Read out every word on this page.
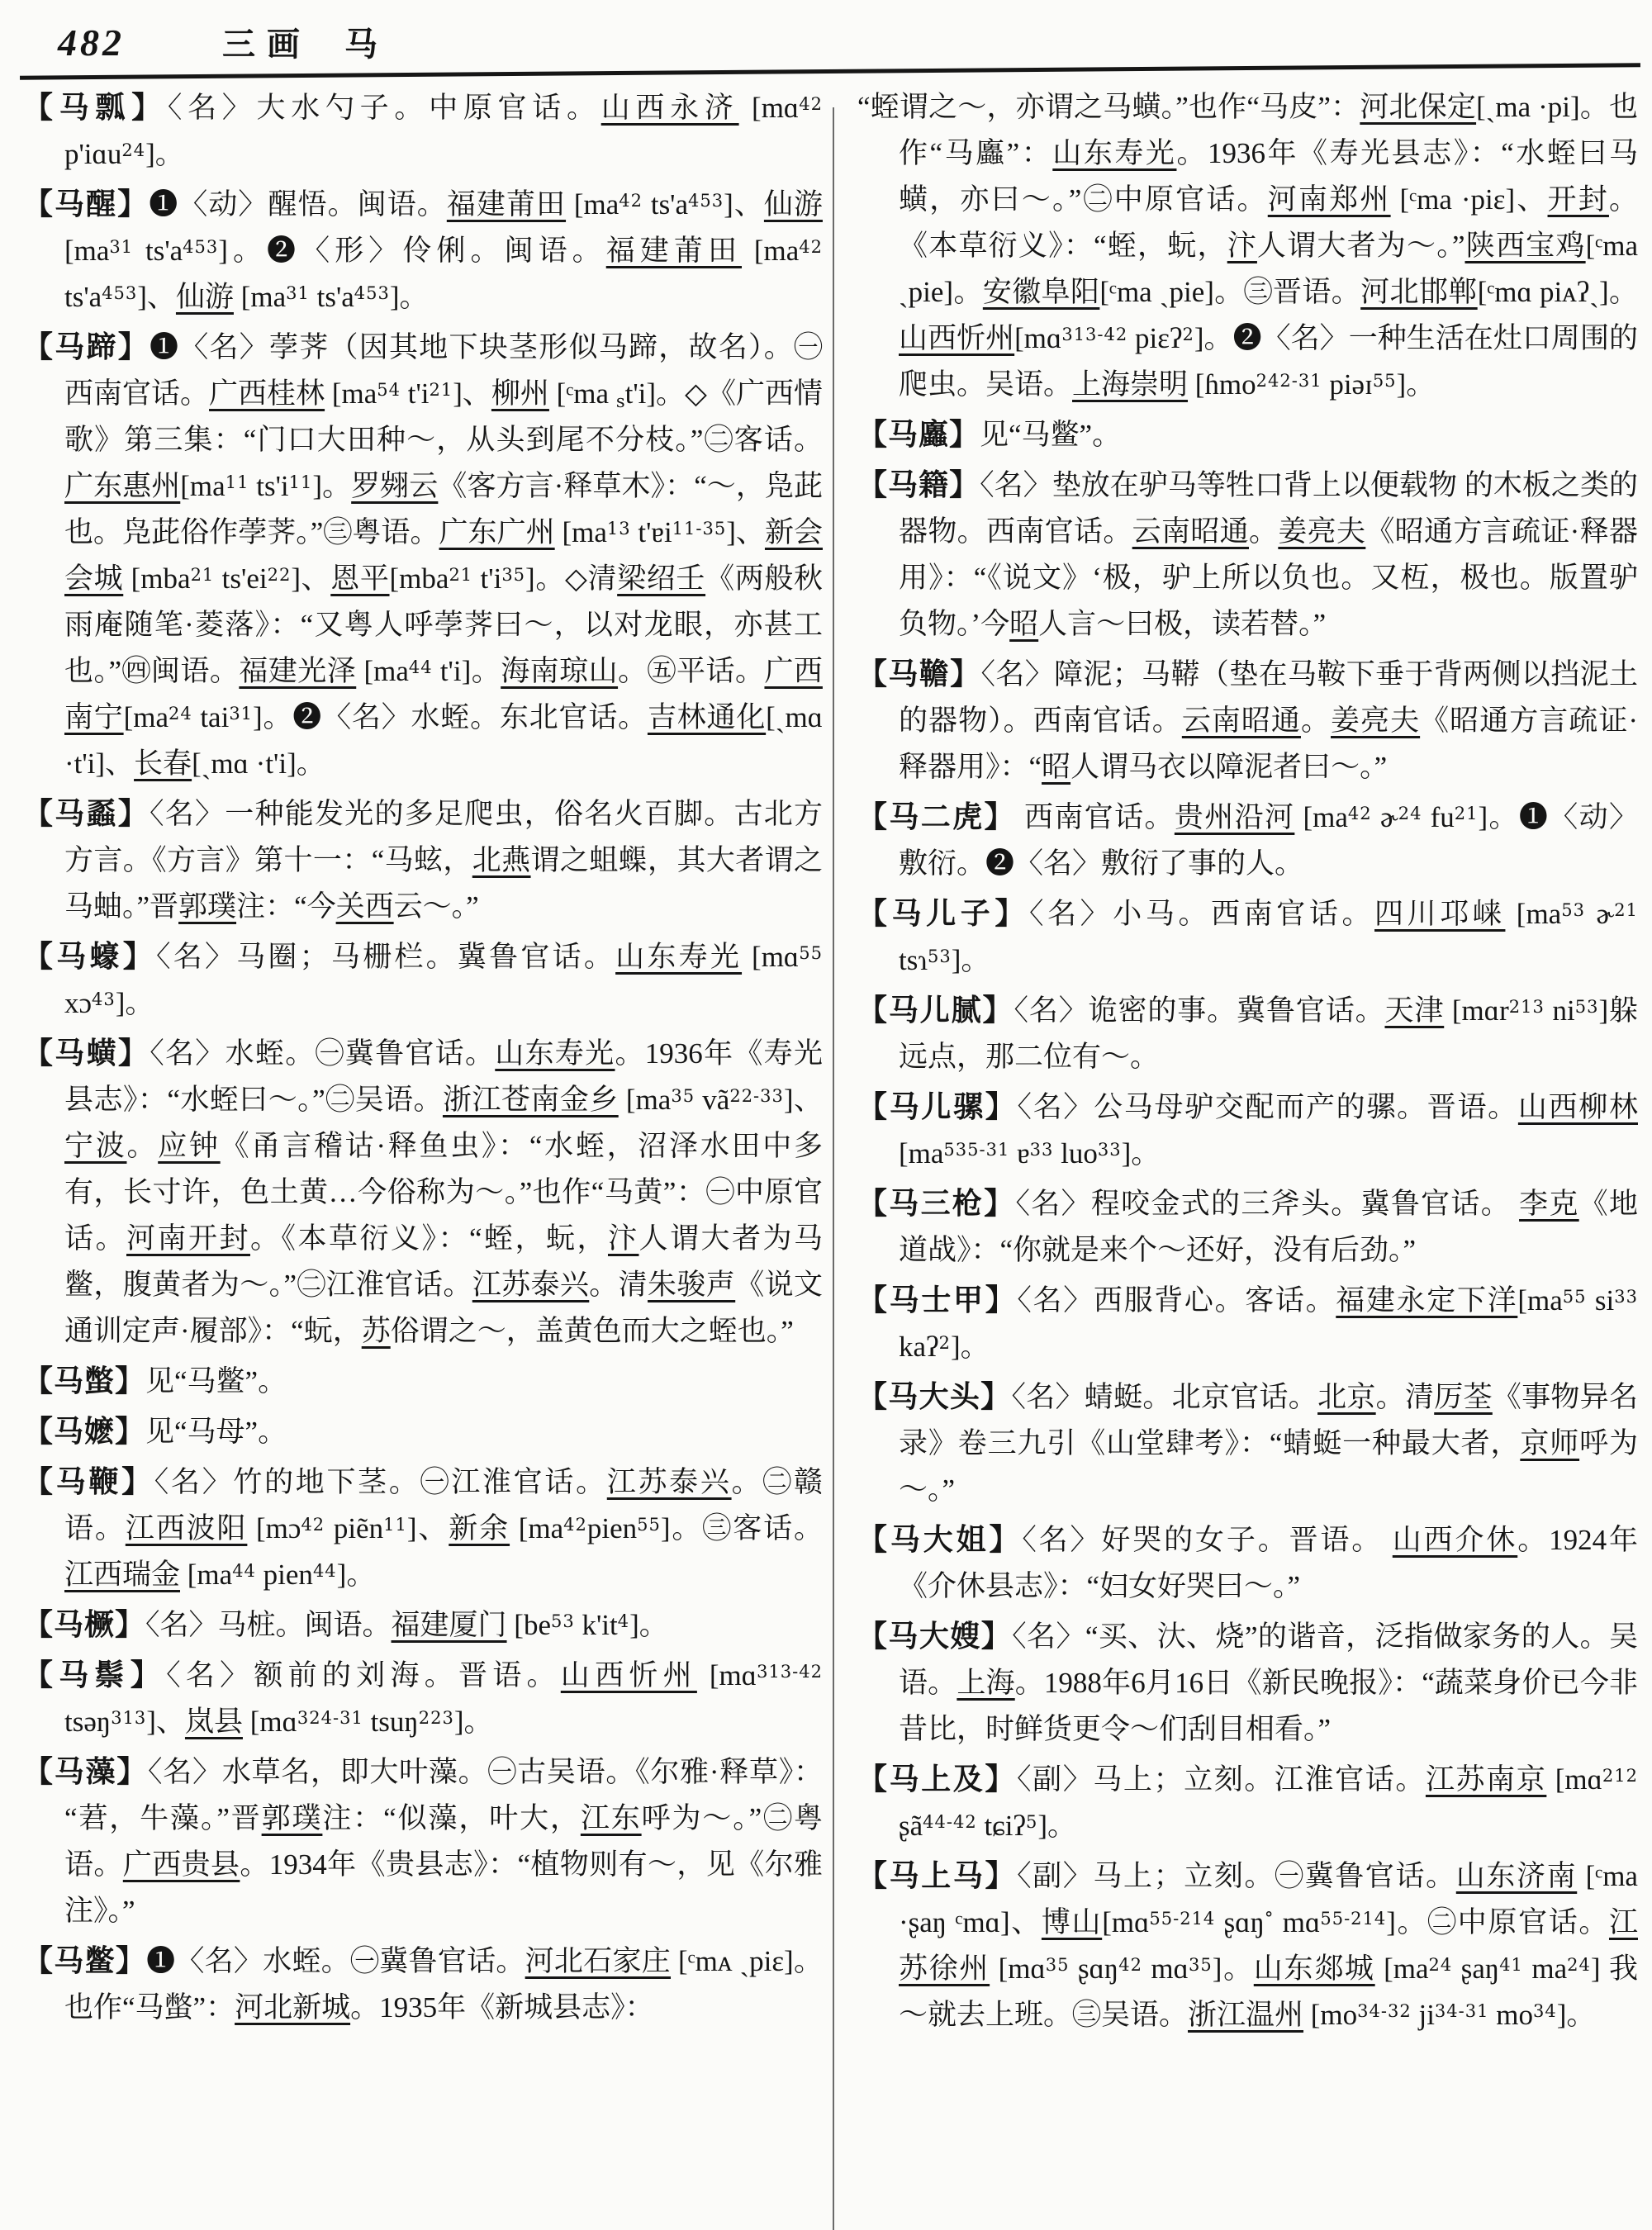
482	三画 马
【马瓢】〈名〉大水勺子。中原官话。山西永济 [mɑ$^{42}$ p'iɑu$^{24}$]。
【马醒】❶〈动〉醒悟。闽语。福建莆田 [$ma^{42}$ $ts'a^{453}$]、仙游 [$ma^{31}$ $ts'a^{453}$]。❷〈形〉伶俐。闽语。福建莆田 [$ma^{42}$ $ts'a^{453}$]、仙游 [$ma^{31}$ $ts'a^{453}$]。
【马蹄】❶〈名〉荸荠（因其地下块茎形似马蹄，故名）。㊀西南官话。广西桂林 [$ma^{54}$ $t'i^{21}$]、柳州 [ᶜma $_s$t'i]。◇《广西情歌》第三集：“门口大田种～，从头到尾不分枝。”㊁客话。广东惠州[$ma^{11}$ $ts'i^{11}$]。罗翙云《客方言·释草木》：“～，凫茈也。凫茈俗作荸荠。”㊂粤语。广东广州 [$ma^{13}$ t'ɐi$^{11-35}$]、新会会城 [mba$^{21}$ $ts'ei^{22}$]、恩平[mba$^{21}$ $t'i^{35}$]。◇清梁绍壬《两般秋雨庵随笔·菱落》：“又粤人呼荸荠曰～，以对龙眼，亦甚工也。”㊃闽语。福建光泽 [$ma^{44}$ t'i]。海南琼山。㊄平话。广西南宁[$ma^{24}$ tai$^{31}$]。❷〈名〉水蛭。东北官话。吉林通化[ˎmɑ ·t'i]、长春[ˎmɑ ·t'i]。
【马蟸】〈名〉一种能发光的多足爬虫，俗名火百脚。古北方方言。《方言》第十一：“马蚿，北燕谓之蛆蟝，其大者谓之马蚰。”晋郭璞注：“今关西云～。”
【马蠔】〈名〉马圈；马栅栏。冀鲁官话。山东寿光 [mɑ$^{55}$ xɔ$^{43}$]。
【马蟥】〈名〉水蛭。㊀冀鲁官话。山东寿光。1936年《寿光县志》：“水蛭曰～。”㊁吴语。浙江苍南金乡 [$ma^{35}$ $vã^{22-33}$]、宁波。应钟《甬言稽诂·释鱼虫》：“水蛭，沼泽水田中多有，长寸许，色土黄…今俗称为～。”也作“马黄”：㊀中原官话。河南开封。《本草衍义》：“蛭，蚖，汴人谓大者为马鳖，腹黄者为～。”㊁江淮官话。江苏泰兴。清朱骏声《说文通训定声·履部》：“蚖，苏俗谓之～，盖黄色而大之蛭也。”
【马蟞】见“马鳖”。
【马嬷】见“马母”。
【马鞭】〈名〉竹的地下茎。㊀江淮官话。江苏泰兴。㊁赣语。江西波阳 [mɔ$^{42}$ piẽn$^{11}$]、新余 $[ma^{42}pien^{55}]$。㊂客话。江西瑞金 [$ma^{44}$ pien$^{44}$]。
【马橛】〈名〉马桩。闽语。福建厦门 [$be^{53}$ $k'it^4$]。
【马鬃】〈名〉额前的刘海。晋语。山西忻州 [mɑ$^{313-42}$ tsəŋ$^{313}$]、岚县 [mɑ$^{324-31}$ tsuŋ$^{223}$]。
【马藻】〈名〉水草名，即大叶藻。㊀古吴语。《尔雅·释草》：“莙，牛藻。”晋郭璞注：“似藻，叶大，江东呼为～。”㊁粤语。广西贵县。1934年《贵县志》：“植物则有～，见《尔雅注》。”
【马鳖】❶〈名〉水蛭。㊀冀鲁官话。河北石家庄 [ᶜmᴀ ˎpiɛ]。也作“马蟞”：河北新城。1935年《新城县志》：
“蛭谓之～，亦谓之马蟥。”也作“马皮”：河北保定[ˎma ·pi]。也作“马蠯”：山东寿光。1936年《寿光县志》：“水蛭曰马蟥，亦曰～。”㊁中原官话。河南郑州 [ᶜma ·piɛ]、开封。《本草衍义》：“蛭，蚖，汴人谓大者为～。”陕西宝鸡[ᶜma ˎpie]。安徽阜阳[ᶜma ˎpie]。㊂晋语。河北邯郸[ᶜmɑ piᴀʔˎ]。山西忻州[mɑ$^{313-42}$ piɛʔ$^2$]。❷〈名〉一种生活在灶口周围的爬虫。吴语。上海崇明 [ɦmo$^{242-31}$ piəɪ$^{55}$]。
【马蠯】见“马鳖”。
【马籍】〈名〉垫放在驴马等牲口背上以便载物 的木板之类的器物。西南官话。云南昭通。姜亮夫《昭通方言疏证·释器用》：“《说文》‘极，驴上所以负也。又枑，极也。版置驴负物。’今昭人言～曰极，读若替。”
【马韂】〈名〉障泥；马鞯（垫在马鞍下垂于背两侧以挡泥土的器物）。西南官话。云南昭通。姜亮夫《昭通方言疏证·释器用》：“昭人谓马衣以障泥者曰～。”
【马二虎】 西南官话。贵州沿河 [$ma^{42}$ ɚ$^{24}$ $fu^{21}$]。❶〈动〉敷衍。❷〈名〉敷衍了事的人。
【马儿子】〈名〉小马。西南官话。四川邛崃 [$ma^{53}$ ɚ$^{21}$ tsɿ$^{53}$]。
【马儿腻】〈名〉诡密的事。冀鲁官话。天津 [mɑr$^{213}$ $ni^{53}$]躲远点，那二位有～。
【马儿骡】〈名〉公马母驴交配而产的骡。晋语。山西柳林 [$ma^{535-31}$ ɐ$^{33}$ luo$^{33}$]。
【马三枪】〈名〉程咬金式的三斧头。冀鲁官话。 李克《地道战》：“你就是来个～还好，没有后劲。”
【马士甲】〈名〉西服背心。客话。福建永定下洋[$ma^{55}$ $si^{33}$ kaʔ$^2$]。
【马大头】〈名〉蜻蜓。北京官话。北京。清厉荃《事物异名录》卷三九引《山堂肆考》：“蜻蜓一种最大者，京师呼为～。”
【马大姐】〈名〉好哭的女子。晋语。 山西介休。1924年《介休县志》：“妇女好哭曰～。”
【马大嫂】〈名〉“买、汏、烧”的谐音，泛指做家务的人。吴语。上海。1988年6月16日《新民晚报》：“蔬菜身价已今非昔比，时鲜货更令～们刮目相看。”
【马上及】〈副〉马上；立刻。江淮官话。江苏南京 [mɑ$^{212}$ ʂã$^{44-42}$ tɕiʔ$^5$]。
【马上马】〈副〉马上；立刻。㊀冀鲁官话。山东济南 [ᶜma ·ʂaŋ ᶜmɑ]、博山[mɑ$^{55-214}$ ʂɑŋ° mɑ$^{55-214}$]。㊁中原官话。江苏徐州 [mɑ$^{35}$ ʂɑŋ$^{42}$ mɑ$^{35}$]。山东郯城 [$ma^{24}$ ʂaŋ$^{41}$ $ma^{24}$] 我～就去上班。㊂吴语。浙江温州 [$mo^{34-32}$ $ji^{34-31}$ $mo^{34}$]。
